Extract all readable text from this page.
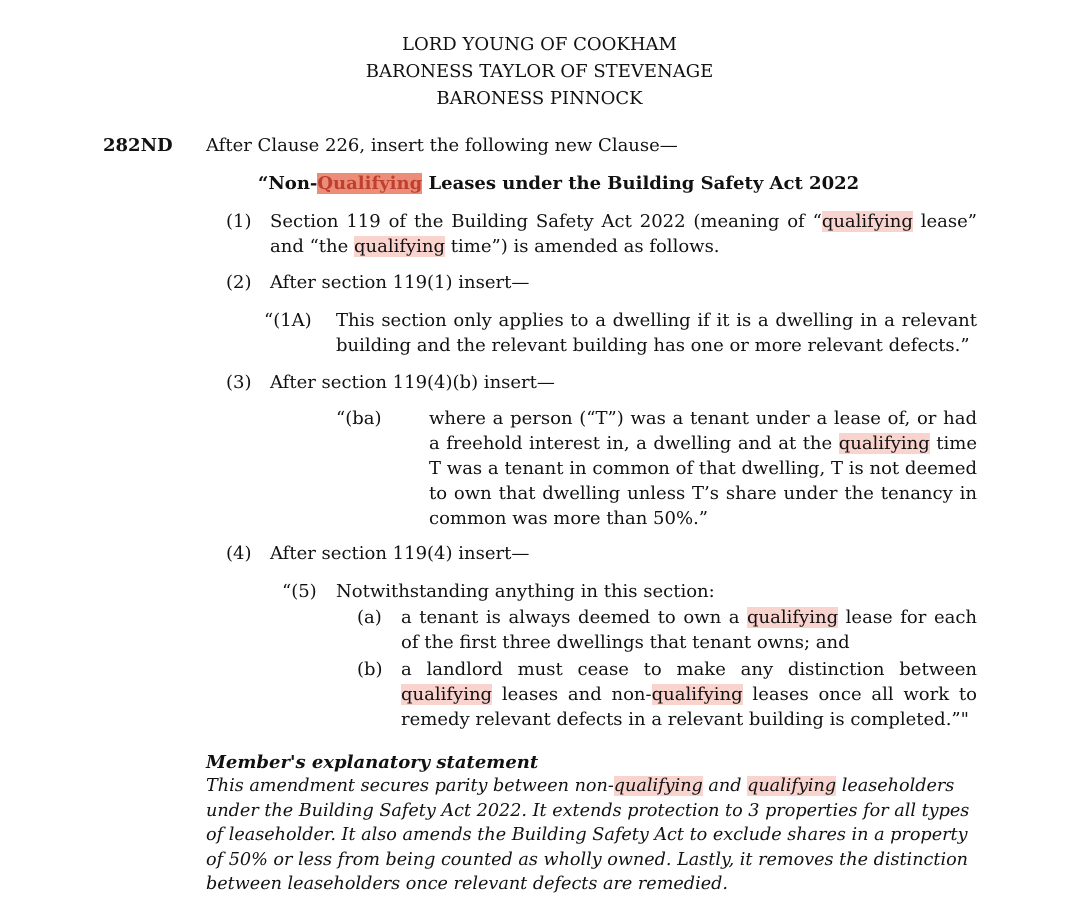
LORD YOUNG OF COOKHAM
BARONESS TAYLOR OF STEVENAGE
BARONESS PINNOCK
282ND After Clause 226, insert the following new Clause—
“Non-Qualifying Leases under the Building Safety Act 2022
(1) Section 119 of the Building Safety Act 2022 (meaning of “qualifying lease” and “the qualifying time”) is amended as follows.
(2) After section 119(1) insert—
“(1A) This section only applies to a dwelling if it is a dwelling in a relevant building and the relevant building has one or more relevant defects.”
(3) After section 119(4)(b) insert—
“(ba)	where a person (“T”) was a tenant under a lease of, or had a freehold interest in, a dwelling and at the qualifying time T was a tenant in common of that dwelling, T is not deemed to own that dwelling unless T’s share under the tenancy in common was more than 50%.”
(4) After section 119(4) insert—
“(5) Notwithstanding anything in this section:
(a) a tenant is always deemed to own a qualifying lease for each of the first three dwellings that tenant owns; and
(b) a landlord must cease to make any distinction between qualifying leases and non-qualifying leases once all work to remedy relevant defects in a relevant building is completed.”"
Member's explanatory statement
This amendment secures parity between non-qualifying and qualifying leaseholders under the Building Safety Act 2022. It extends protection to 3 properties for all types of leaseholder. It also amends the Building Safety Act to exclude shares in a property of 50% or less from being counted as wholly owned. Lastly, it removes the distinction between leaseholders once relevant defects are remedied.
